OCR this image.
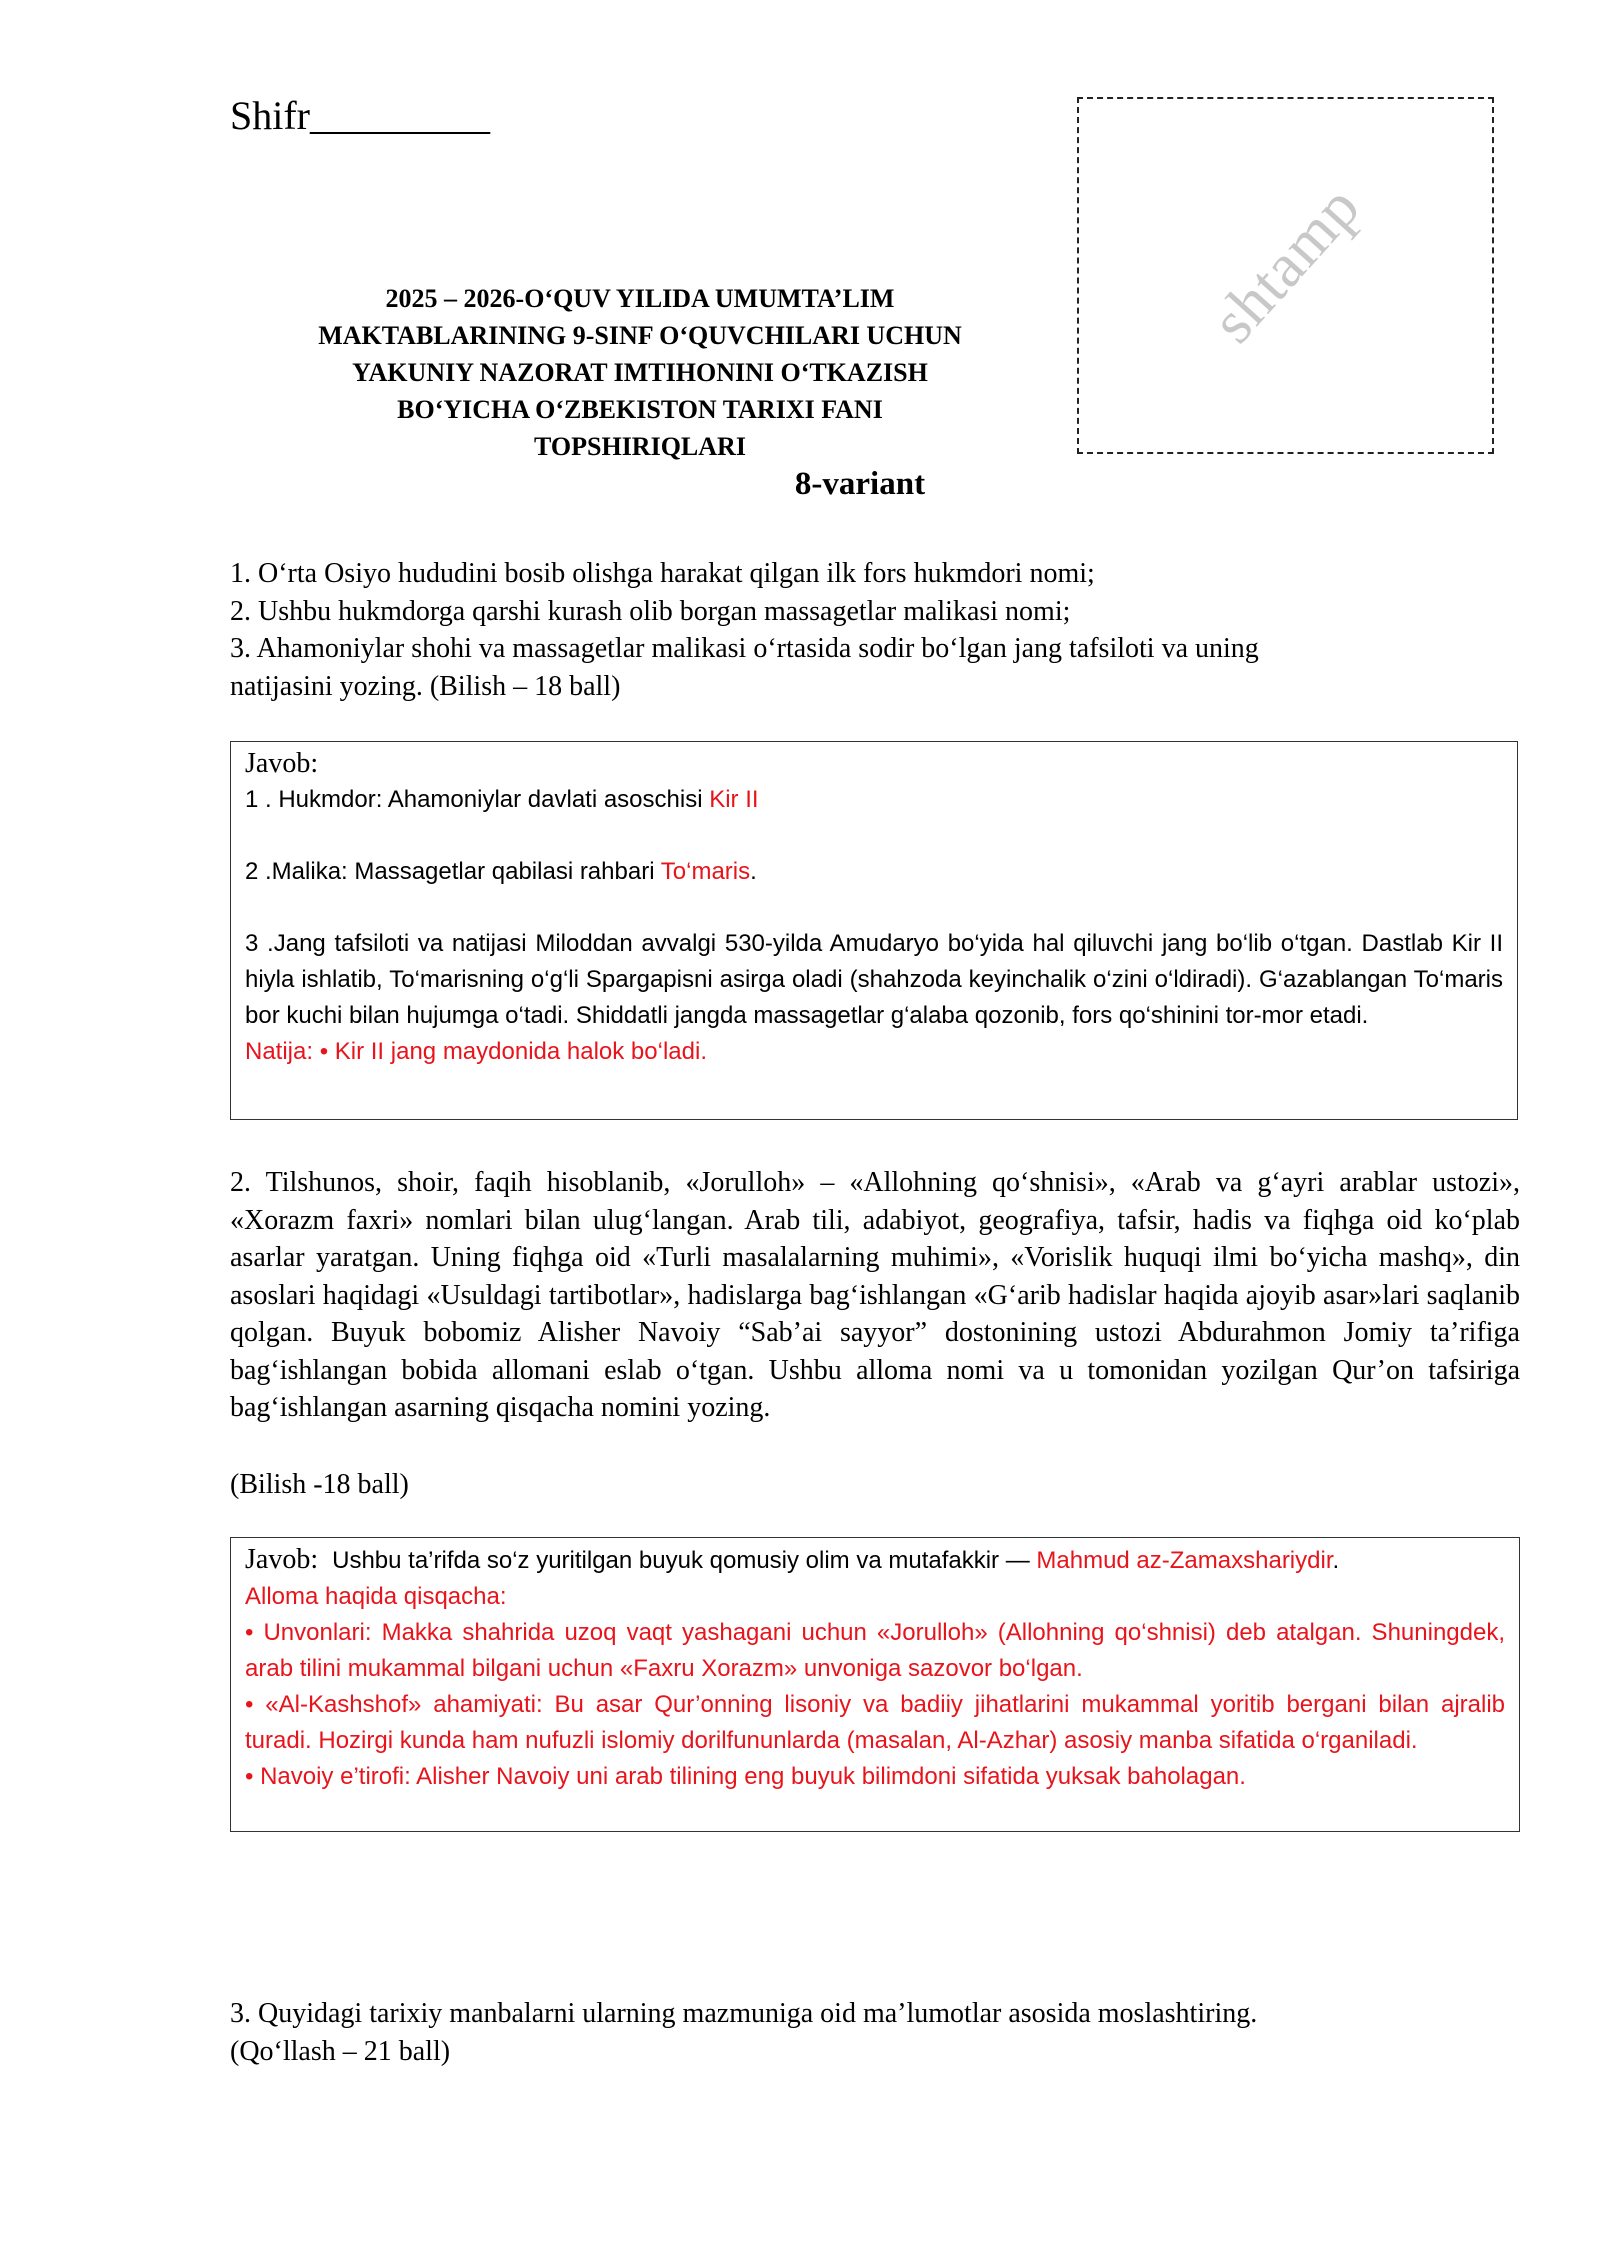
Shifr_________
shtamp
2025 – 2026-O‘QUV YILIDA UMUMTA’LIM
MAKTABLARINING 9-SINF O‘QUVCHILARI UCHUN
YAKUNIY NAZORAT IMTIHONINI O‘TKAZISH
BO‘YICHA O‘ZBEKISTON TARIXI FANI
TOPSHIRIQLARI
8-variant
1. O‘rta Osiyo hududini bosib olishga harakat qilgan ilk fors hukmdori nomi;
2. Ushbu hukmdorga qarshi kurash olib borgan massagetlar malikasi nomi;
3. Ahamoniylar shohi va massagetlar malikasi o‘rtasida sodir bo‘lgan jang tafsiloti va uning
natijasini yozing. (Bilish – 18 ball)
Javob:
1 . Hukmdor: Ahamoniylar davlati asoschisi Kir II
2 .Malika: Massagetlar qabilasi rahbari To‘maris.
3 .Jang tafsiloti va natijasi Miloddan avvalgi 530-yilda Amudaryo bo‘yida hal qiluvchi jang bo‘lib o‘tgan. Dastlab Kir II hiyla ishlatib, To‘marisning o‘g‘li Spargapisni asirga oladi (shahzoda keyinchalik o‘zini o‘ldiradi). G‘azablangan To‘maris bor kuchi bilan hujumga o‘tadi. Shiddatli jangda massagetlar g‘alaba qozonib, fors qo‘shinini tor-mor etadi.
Natija: • Kir II jang maydonida halok bo‘ladi.
2. Tilshunos, shoir, faqih hisoblanib, «Jorulloh» – «Allohning qo‘shnisi», «Arab va g‘ayri arablar ustozi», «Xorazm faxri» nomlari bilan ulug‘langan. Arab tili, adabiyot, geografiya, tafsir, hadis va fiqhga oid ko‘plab asarlar yaratgan. Uning fiqhga oid «Turli masalalarning muhimi», «Vorislik huquqi ilmi bo‘yicha mashq», din asoslari haqidagi «Usuldagi tartibotlar», hadislarga bag‘ishlangan «G‘arib hadislar haqida ajoyib asar»lari saqlanib qolgan. Buyuk bobomiz Alisher Navoiy “Sab’ai sayyor” dostonining ustozi Abdurahmon Jomiy ta’rifiga bag‘ishlangan bobida allomani eslab o‘tgan. Ushbu alloma nomi va u tomonidan yozilgan Qur’on tafsiriga bag‘ishlangan asarning qisqacha nomini yozing.
(Bilish -18 ball)
Javob: Ushbu ta’rifda so‘z yuritilgan buyuk qomusiy olim va mutafakkir — Mahmud az-Zamaxshariydir.
Alloma haqida qisqacha:
• Unvonlari: Makka shahrida uzoq vaqt yashagani uchun «Jorulloh» (Allohning qo‘shnisi) deb atalgan. Shuningdek, arab tilini mukammal bilgani uchun «Faxru Xorazm» unvoniga sazovor bo‘lgan.
• «Al-Kashshof» ahamiyati: Bu asar Qur’onning lisoniy va badiiy jihatlarini mukammal yoritib bergani bilan ajralib turadi. Hozirgi kunda ham nufuzli islomiy dorilfununlarda (masalan, Al-Azhar) asosiy manba sifatida o‘rganiladi.
• Navoiy e’tirofi: Alisher Navoiy uni arab tilining eng buyuk bilimdoni sifatida yuksak baholagan.
3. Quyidagi tarixiy manbalarni ularning mazmuniga oid ma’lumotlar asosida moslashtiring.
(Qo‘llash – 21 ball)
